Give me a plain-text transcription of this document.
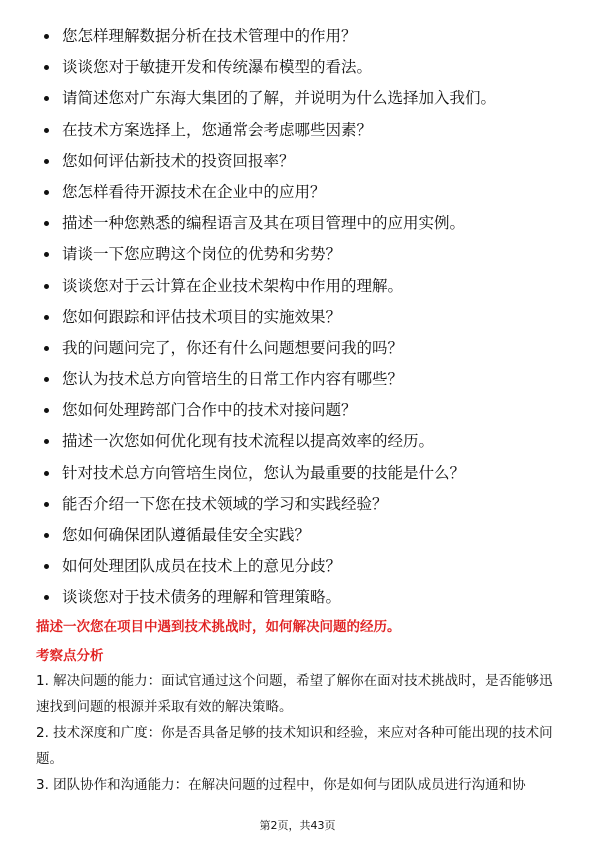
您怎样理解数据分析在技术管理中的作用？
谈谈您对于敏捷开发和传统瀑布模型的看法。
请简述您对广东海大集团的了解，并说明为什么选择加入我们。
在技术方案选择上，您通常会考虑哪些因素？
您如何评估新技术的投资回报率？
您怎样看待开源技术在企业中的应用？
描述一种您熟悉的编程语言及其在项目管理中的应用实例。
请谈一下您应聘这个岗位的优势和劣势？
谈谈您对于云计算在企业技术架构中作用的理解。
您如何跟踪和评估技术项目的实施效果？
我的问题问完了，你还有什么问题想要问我的吗？
您认为技术总方向管培生的日常工作内容有哪些？
您如何处理跨部门合作中的技术对接问题？
描述一次您如何优化现有技术流程以提高效率的经历。
针对技术总方向管培生岗位，您认为最重要的技能是什么？
能否介绍一下您在技术领域的学习和实践经验？
您如何确保团队遵循最佳安全实践？
如何处理团队成员在技术上的意见分歧？
谈谈您对于技术债务的理解和管理策略。
描述一次您在项目中遇到技术挑战时，如何解决问题的经历。
考察点分析

1. 解决问题的能力：面试官通过这个问题，希望了解你在面对技术挑战时，是否能够迅速找到问题的根源并采取有效的解决策略。

2. 技术深度和广度：你是否具备足够的技术知识和经验，来应对各种可能出现的技术问题。

3. 团队协作和沟通能力：在解决问题的过程中，你是如何与团队成员进行沟通和协

第2页，共43页
